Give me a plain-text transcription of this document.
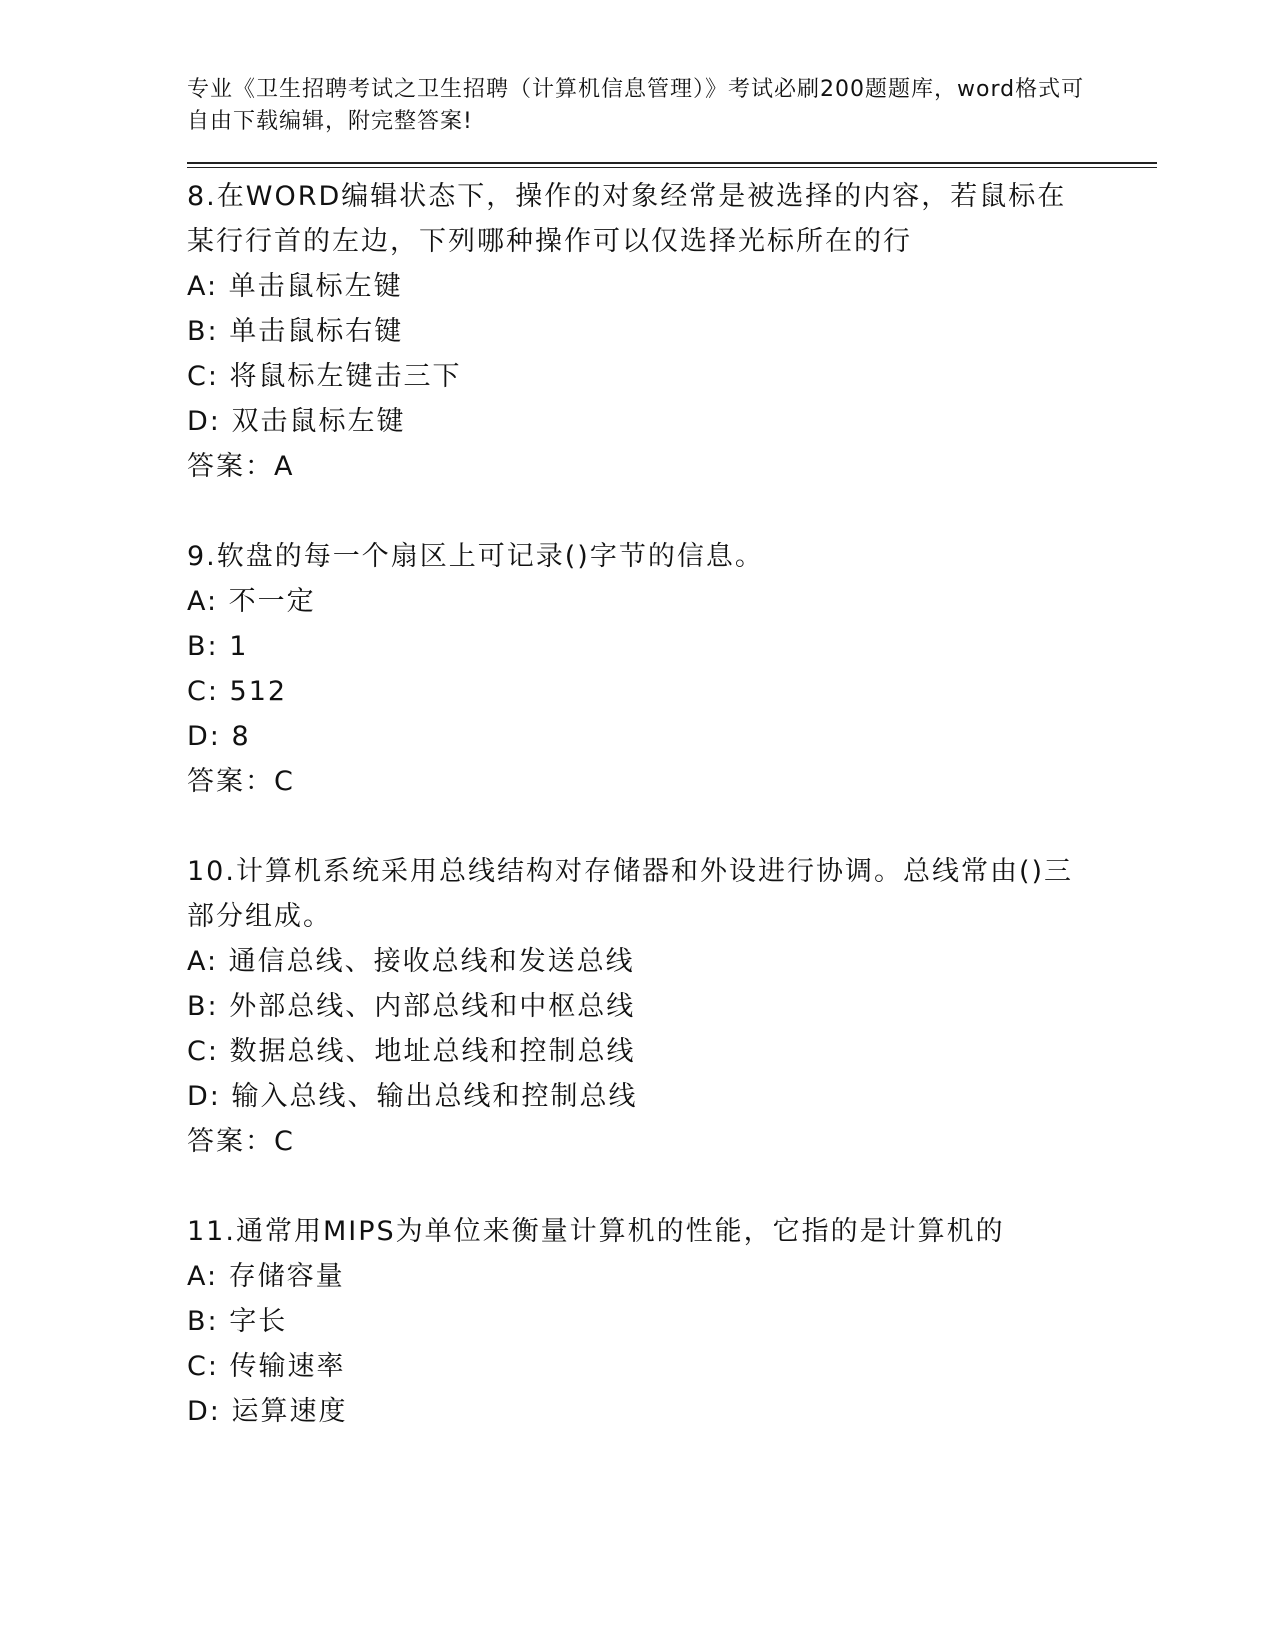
专业《卫生招聘考试之卫生招聘（计算机信息管理）》考试必刷200题题库，word格式可自由下载编辑，附完整答案!

8.在WORD编辑状态下，操作的对象经常是被选择的内容，若鼠标在某行行首的左边，下列哪种操作可以仅选择光标所在的行

A: 单击鼠标左键

B: 单击鼠标右键

C: 将鼠标左键击三下

D: 双击鼠标左键

答案：A

9.软盘的每一个扇区上可记录()字节的信息。

A: 不一定

B: 1

C: 512

D: 8

答案：C

10.计算机系统采用总线结构对存储器和外设进行协调。总线常由()三部分组成。

A: 通信总线、接收总线和发送总线

B: 外部总线、内部总线和中枢总线

C: 数据总线、地址总线和控制总线

D: 输入总线、输出总线和控制总线

答案：C

11.通常用MIPS为单位来衡量计算机的性能，它指的是计算机的

A: 存储容量

B: 字长

C: 传输速率

D: 运算速度
